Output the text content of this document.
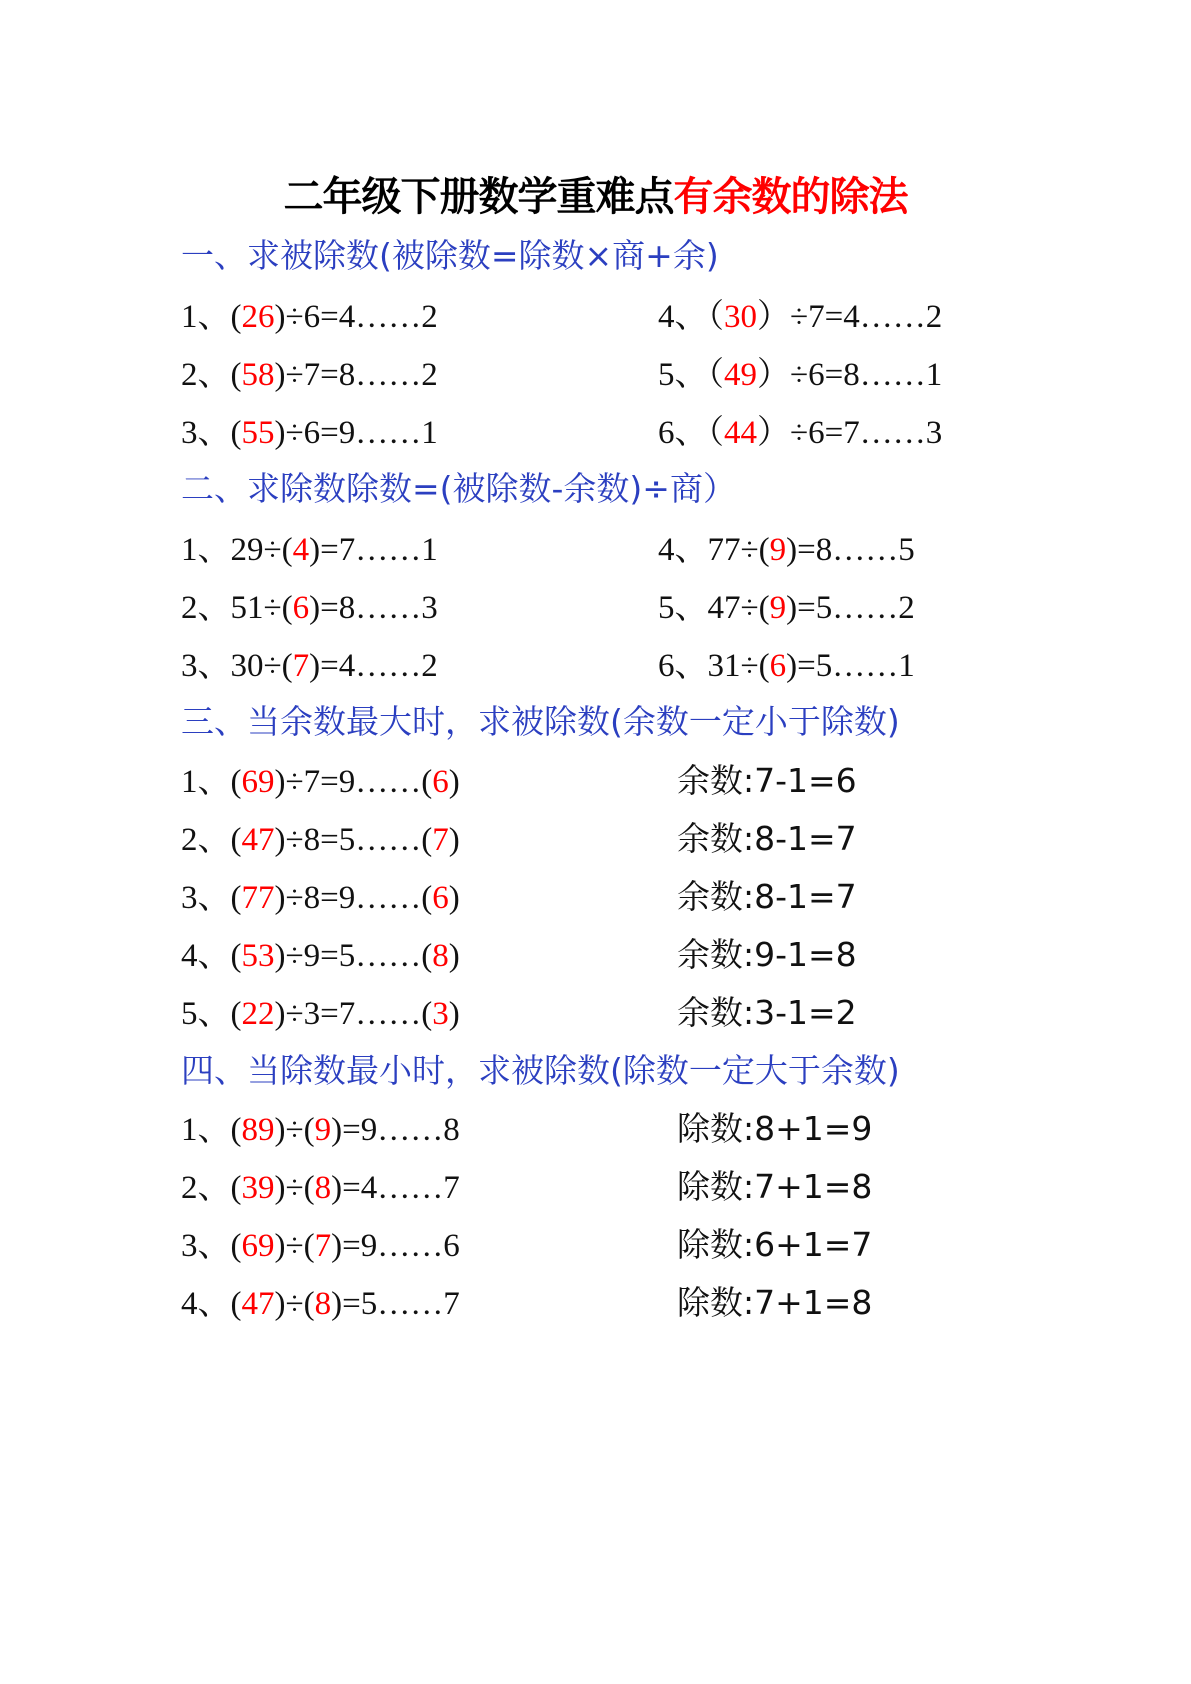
二年级下册数学重难点有余数的除法
一、求被除数(被除数=除数×商+余)
1、(26)÷6=4……2
2、(58)÷7=8……2
3、(55)÷6=9……1
4、（30）÷7=4……2
5、（49）÷6=8……1
6、（44）÷6=7……3
二、求除数除数=(被除数-余数)÷商）
1、29÷(4)=7……1
2、51÷(6)=8……3
3、30÷(7)=4……2
4、77÷(9)=8……5
5、47÷(9)=5……2
6、31÷(6)=5……1
三、当余数最大时，求被除数(余数一定小于除数)
1、(69)÷7=9……(6)	余数:7-1=6
2、(47)÷8=5……(7)	余数:8-1=7
3、(77)÷8=9……(6)	余数:8-1=7
4、(53)÷9=5……(8)	余数:9-1=8
5、(22)÷3=7……(3)	余数:3-1=2
四、当除数最小时，求被除数(除数一定大于余数)
1、(89)÷(9)=9……8	除数:8+1=9
2、(39)÷(8)=4……7	除数:7+1=8
3、(69)÷(7)=9……6	除数:6+1=7
4、(47)÷(8)=5……7	除数:7+1=8
